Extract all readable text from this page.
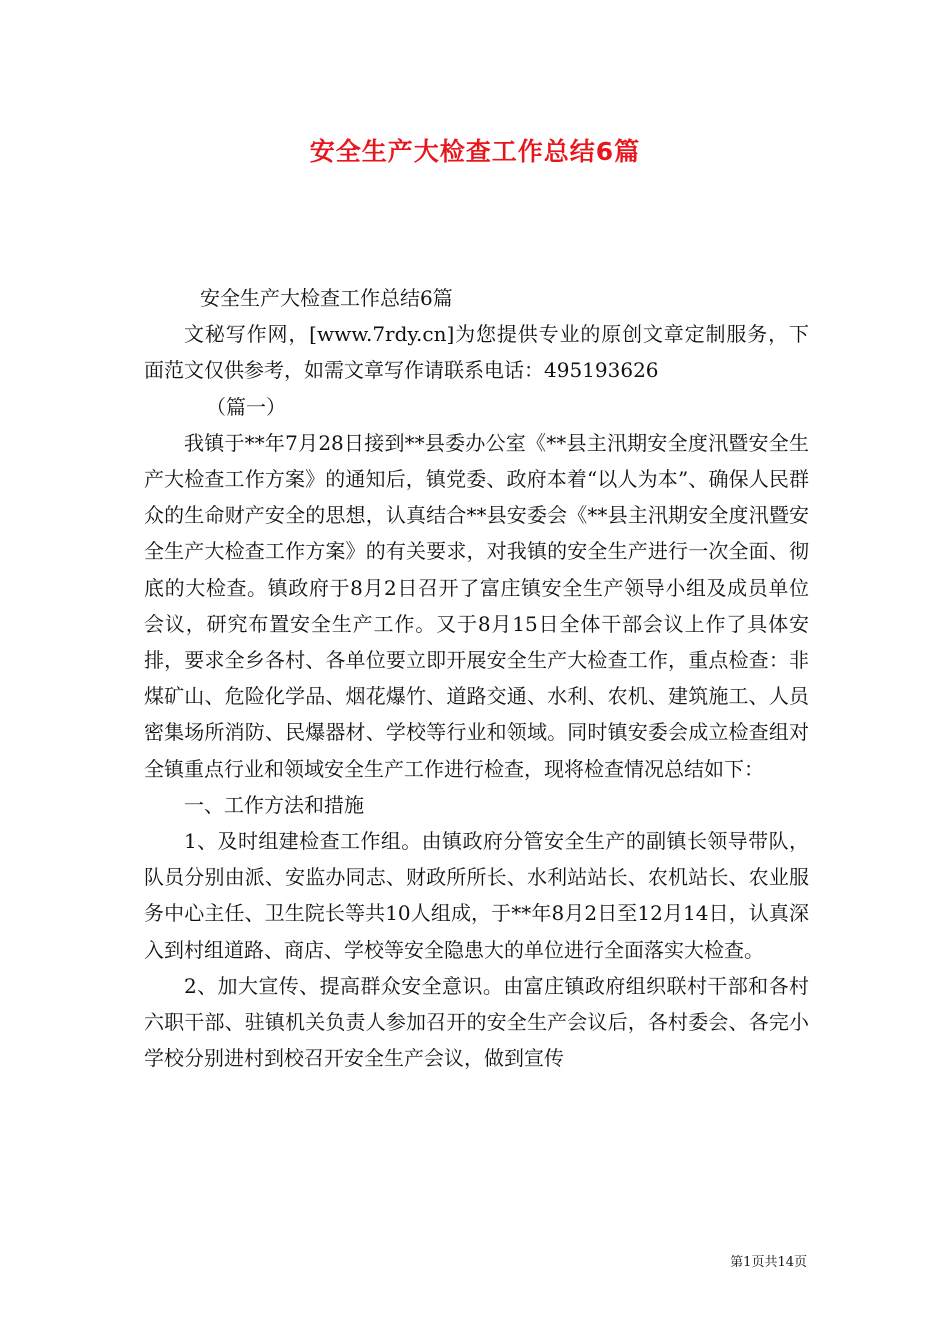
安全生产大检查工作总结6篇

安全生产大检查工作总结6篇

文秘写作网，[www.7rdy.cn]为您提供专业的原创文章定制服务，下面范文仅供参考，如需文章写作请联系电话：495193626

（篇一）

我镇于**年7月28日接到**县委办公室《**县主汛期安全度汛暨安全生产大检查工作方案》的通知后，镇党委、政府本着“以人为本”、确保人民群众的生命财产安全的思想，认真结合**县安委会《**县主汛期安全度汛暨安全生产大检查工作方案》的有关要求，对我镇的安全生产进行一次全面、彻底的大检查。镇政府于8月2日召开了富庄镇安全生产领导小组及成员单位会议，研究布置安全生产工作。又于8月15日全体干部会议上作了具体安排，要求全乡各村、各单位要立即开展安全生产大检查工作，重点检查：非煤矿山、危险化学品、烟花爆竹、道路交通、水利、农机、建筑施工、人员密集场所消防、民爆器材、学校等行业和领域。同时镇安委会成立检查组对全镇重点行业和领域安全生产工作进行检查，现将检查情况总结如下：

一、工作方法和措施

1、及时组建检查工作组。由镇政府分管安全生产的副镇长领导带队，队员分别由派、安监办同志、财政所所长、水利站站长、农机站长、农业服务中心主任、卫生院长等共10人组成，于**年8月2日至12月14日，认真深入到村组道路、商店、学校等安全隐患大的单位进行全面落实大检查。

2、加大宣传、提高群众安全意识。由富庄镇政府组织联村干部和各村六职干部、驻镇机关负责人参加召开的安全生产会议后，各村委会、各完小学校分别进村到校召开安全生产会议，做到宣传

第1页共14页
